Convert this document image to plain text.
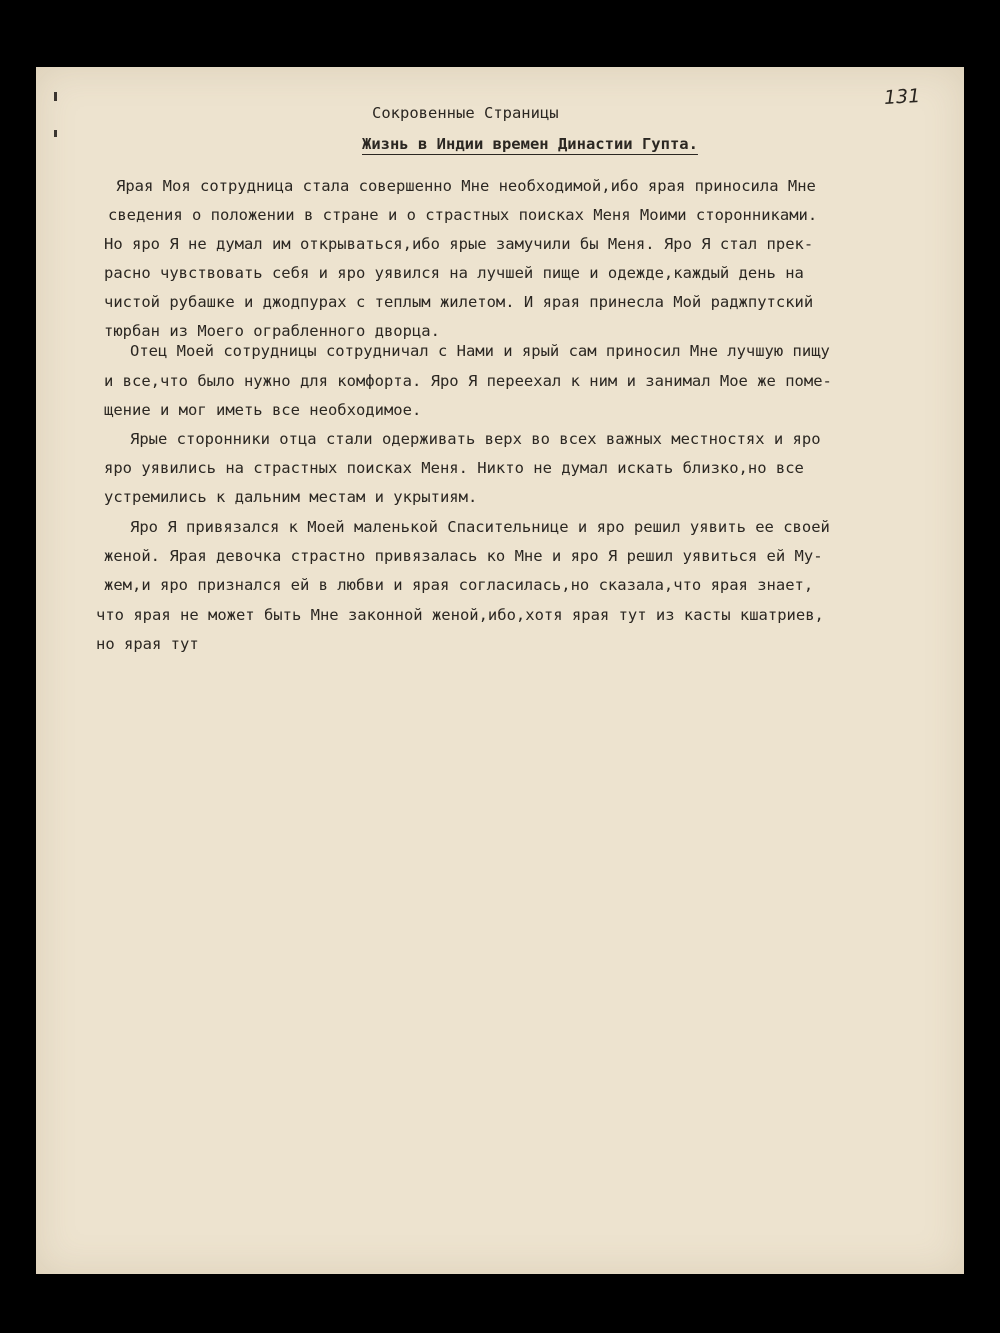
131
Сокровенные Страницы
Жизнь в Индии времен Династии Гупта.
Ярая Моя сотрудница стала совершенно Мне необходимой,ибо ярая приносила Мне
сведения о положении в стране и о страстных поисках Меня Моими сторонниками.
Но яро Я не думал им открываться,ибо ярые замучили бы Меня. Яро Я стал прек-
расно чувствовать себя и яро уявился на лучшей пище и одежде,каждый день на
чистой рубашке и джодпурах с теплым жилетом. И ярая принесла Мой раджпутский
тюрбан из Моего ограбленного дворца.
Отец Моей сотрудницы сотрудничал с Нами и ярый сам приносил Мне лучшую пищу
и все,что было нужно для комфорта. Яро Я переехал к ним и занимал Мое же поме-
щение и мог иметь все необходимое.
Ярые сторонники отца стали одерживать верх во всех важных местностях и яро
яро уявились на страстных поисках Меня. Никто не думал искать близко,но все
устремились к дальним местам и укрытиям.
Яро Я привязался к Моей маленькой Спасительнице и яро решил уявить ее своей
женой. Ярая девочка страстно привязалась ко Мне и яро Я решил уявиться ей Му-
жем,и яро признался ей в любви и ярая согласилась,но сказала,что ярая знает,
что ярая не может быть Мне законной женой,ибо,хотя ярая тут из касты кшатриев,
но ярая тут
